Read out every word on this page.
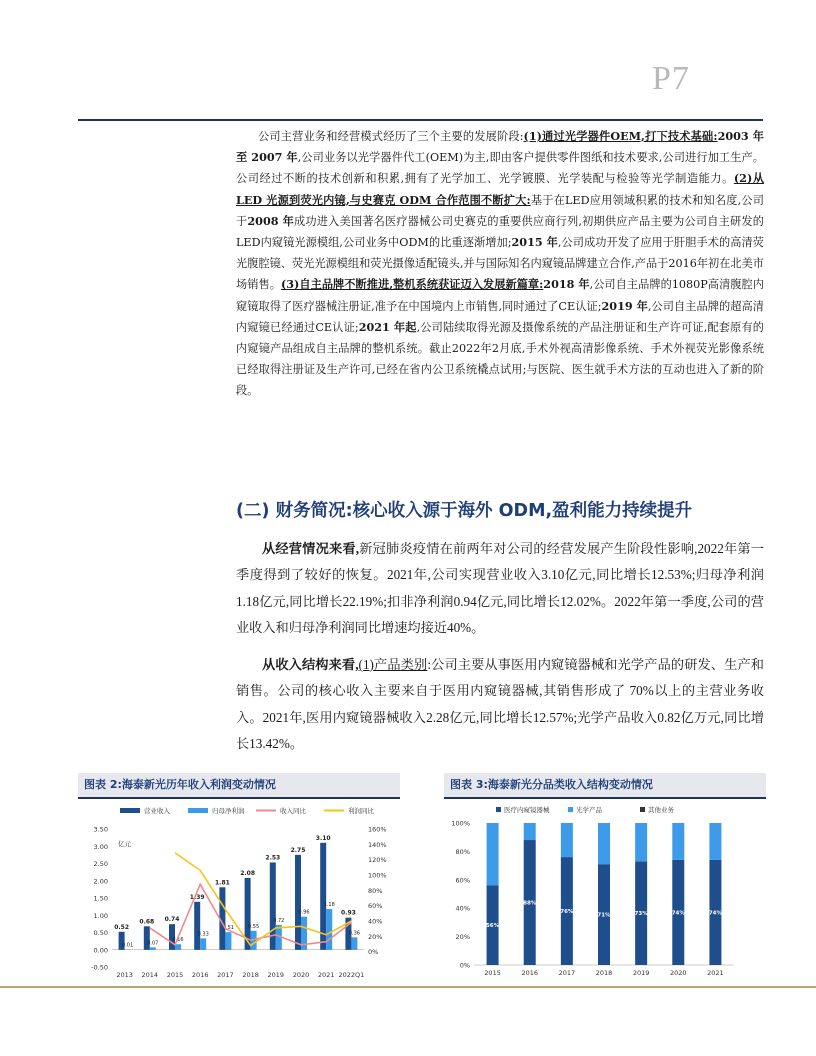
P7

公司主营业务和经营模式经历了三个主要的发展阶段:(1)通过光学器件OEM,打下技术基础:2003 年至 2007 年,公司业务以光学器件代工(OEM)为主,即由客户提供零件图纸和技术要求,公司进行加工生产。公司经过不断的技术创新和积累,拥有了光学加工、光学镀膜、光学装配与检验等光学制造能力。(2)从 LED 光源到荧光内镜,与史赛克 ODM 合作范围不断扩大:基于在LED应用领域积累的技术和知名度,公司于2008 年成功进入美国著名医疗器械公司史赛克的重要供应商行列,初期供应产品主要为公司自主研发的LED内窥镜光源模组,公司业务中ODM的比重逐渐增加;2015 年,公司成功开发了应用于肝胆手术的高清荧光腹腔镜、荧光光源模组和荧光摄像适配镜头,并与国际知名内窥镜品牌建立合作,产品于2016年初在北美市场销售。(3)自主品牌不断推进,整机系统获证迈入发展新篇章:2018 年,公司自主品牌的1080P高清腹腔内窥镜取得了医疗器械注册证,准予在中国境内上市销售,同时通过了CE认证;2019 年,公司自主品牌的超高清内窥镜已经通过CE认证;2021 年起,公司陆续取得光源及摄像系统的产品注册证和生产许可证,配套原有的内窥镜产品组成自主品牌的整机系统。截止2022年2月底,手术外视高清影像系统、手术外视荧光影像系统已经取得注册证及生产许可,已经在省内公卫系统橇点试用;与医院、医生就手术方法的互动也进入了新的阶段。

(二) 财务简况:核心收入源于海外 ODM,盈利能力持续提升

从经营情况来看,新冠肺炎疫情在前两年对公司的经营发展产生阶段性影响,2022年第一季度得到了较好的恢复。2021年,公司实现营业收入3.10亿元,同比增长12.53%;归母净利润1.18亿元,同比增长22.19%;扣非净利润0.94亿元,同比增长12.02%。2022年第一季度,公司的营业收入和归母净利润同比增速均接近40%。

从收入结构来看,(1)产品类别:公司主要从事医用内窥镜器械和光学产品的研发、生产和销售。公司的核心收入主要来自于医用内窥镜器械,其销售形成了 70%以上的主营业务收入。2021年,医用内窥镜器械收入2.28亿元,同比增长12.57%;光学产品收入0.82亿万元,同比增长13.42%。

图表 2:海泰新光历年收入利润变动情况
营业收入	归母净利润	收入同比	利润同比
亿元
-0.50
0.00
0.50
1.00
1.50
2.00
2.50
3.00
3.50
0%
20%
40%
60%
80%
100%
120%
140%
160%
0.52
0.01
2013
0.68
0.07
2014
0.74
0.16
2015
1.39
0.33
2016
1.81
0.51
2017
2.08
0.55
2018
2.53
0.72
2019
2.75
0.96
2020
3.10
1.18
2021
0.93
0.36
2022Q1
图表 3:海泰新光分品类收入结构变动情况
医疗内窥镜器械	光学产品	其他业务
0%
20%
40%
60%
80%
100%
56%
2015
88%
2016
76%
2017
71%
2018
73%
2019
74%
2020
74%
2021
